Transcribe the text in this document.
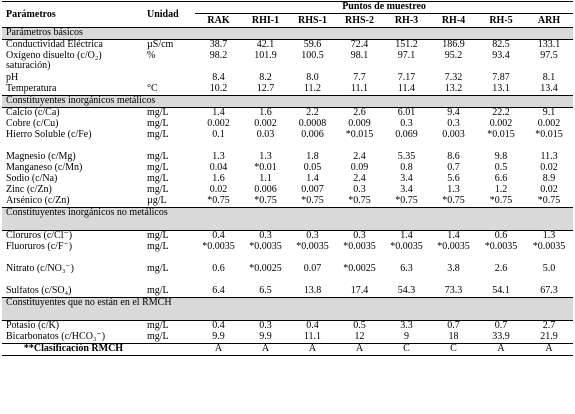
Parámetros	Unidad	Puntos de muestreo							
		RAK	RHI-1	RHS-1	RHS-2	RH-3	RH-4	RH-5	ARH
Parámetros básicos									
Conductividad Eléctrica	µS/cm	38.7	42.1	59.6	72.4	151.2	186.9	82.5	133.1
Oxígeno disuelto (c/O₂) saturación)	%	98.2	101.9	100.5	98.1	97.1	95.2	93.4	97.5
pH		8.4	8.2	8.0	7.7	7.17	7.32	7.87	8.1
Temperatura	°C	10.2	12.7	11.2	11.1	11.4	13.2	13.1	13.4
Constituyentes inorgánicos metálicos									
Calcio (c/Ca)	mg/L	1.4	1.6	2.2	2.6	6.01	9.4	22.2	9.1
Cobre (c/Cu)	mg/L	0.002	0.002	0.0008	0.009	0.3	0.3	0.002	0.002
Hierro Soluble (c/Fe)	mg/L	0.1	0.03	0.006	*0.015	0.069	0.003	*0.015	*0.015
Magnesio (c/Mg)	mg/L	1.3	1.3	1.8	2.4	5.35	8.6	9.8	11.3
Manganeso (c/Mn)	mg/L	0.04	*0.01	0.05	0.09	0.8	0.7	0.5	0.02
Sodio (c/Na)	mg/L	1.6	1.1	1.4	2.4	3.4	5.6	6.6	8.9
Zinc (c/Zn)	mg/L	0.02	0.006	0.007	0.3	3.4	1.3	1.2	0.02
Arsénico (c/Zn)	µg/L	*0.75	*0.75	*0.75	*0.75	*0.75	*0.75	*0.75	*0.75
Constituyentes inorgánicos no metálicos									
Cloruros (c/Cl⁻)	mg/L	0.4	0.3	0.3	0.3	1.4	1.4	0.6	1.3
Fluoruros (c/F⁻)	mg/L	*0.0035	*0.0035	*0.0035	*0.0035	*0.0035	*0.0035	*0.0035	*0.0035
Nitrato (c/NO₃⁻)	mg/L	0.6	*0.0025	0.07	*0.0025	6.3	3.8	2.6	5.0
Sulfatos (c/SO₄)	mg/L	6.4	6.5	13.8	17.4	54.3	73.3	54.1	67.3
Constituyentes que no están en el RMCH									
Potasio (c/K)	mg/L	0.4	0.3	0.4	0.5	3.3	0.7	0.7	2.7
Bicarbonatos (c/HCO₃⁻)	mg/L	9.9	9.9	11.1	12	9	18	33.9	21.9
**Clasificación RMCH		A	A	A	A	C	C	A	A
